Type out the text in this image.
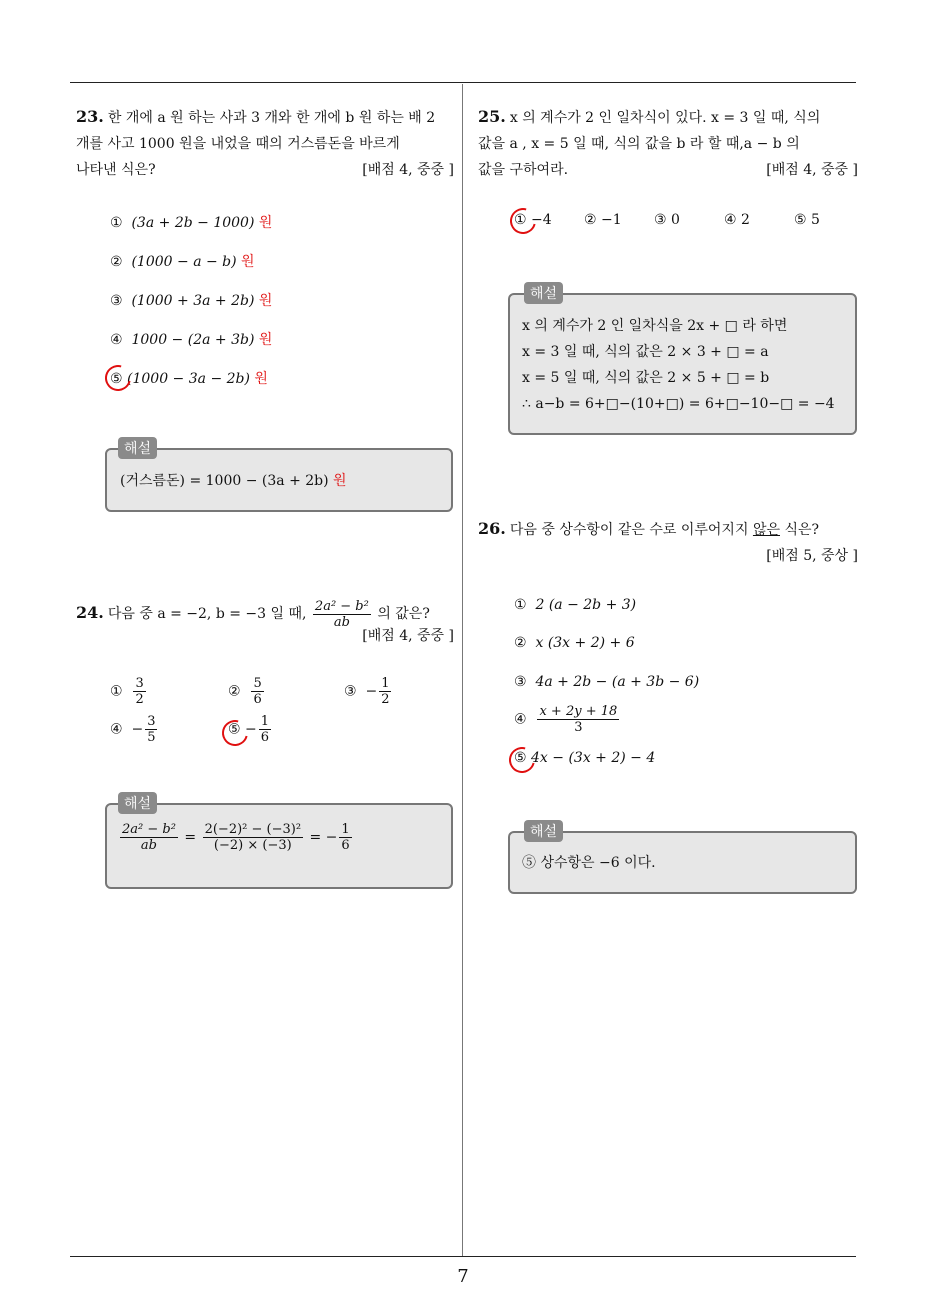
23. 한 개에 a 원 하는 사과 3 개와 한 개에 b 원 하는 배 2
개를 사고 1000 원을 내었을 때의 거스름돈을 바르게
나타낸 식은?	[배점 4, 중중 ]
① (3a + 2b − 1000) 원
② (1000 − a − b) 원
③ (1000 + 3a + 2b) 원
④ 1000 − (2a + 3b) 원
⑤ (1000 − 3a − 2b) 원
해설
(거스름돈) = 1000 − (3a + 2b) 원
24. 다음 중 a = −2, b = −3 일 때, $\frac{\text{2a² − b²}}{ab}$ 의 값은?
[배점 4, 중중 ]
① $\frac{3}{2}$	② $\frac{5}{6}$	③ − $\frac{1}{2}$
④ − $\frac{3}{5}$	⑤ − $\frac{1}{6}$
해설
$\frac{\text{2a² − b²}}{ab} = \frac{\text{2(−2)² − (−3)²}}{(-2) \times (-3)}$ = − $\frac{1}{6}$
25. x 의 계수가 2 인 일차식이 있다. x = 3 일 때, 식의
값을 a , x = 5 일 때, 식의 값을 b 라 할 때,a − b 의
값을 구하여라.	[배점 4, 중중 ]
① −4 ② −1 ③ 0	④ 2	⑤ 5
해설
x 의 계수가 2 인 일차식을 2x + □ 라 하면
x = 3 일 때, 식의 값은 2 × 3 + □ = a
x = 5 일 때, 식의 값은 2 × 5 + □ = b
∴ a−b = 6+□−(10+□) = 6+□−10−□ = −4
26. 다음 중 상수항이 같은 수로 이루어지지 않은 식은?
[배점 5, 중상 ]
① 2 (a − 2b + 3)
② x (3x + 2) + 6
③ 4a + 2b − (a + 3b − 6)
④ $\frac{x + 2y + 18}{3}$
⑤ 4x − (3x + 2) − 4
해설
⑤ 상수항은 −6 이다.
7
